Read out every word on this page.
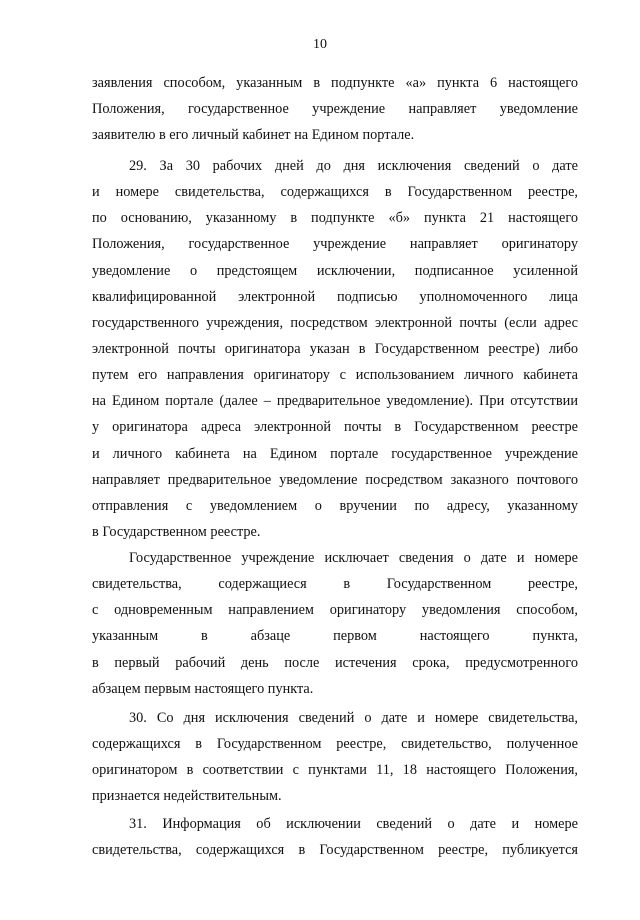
10

заявления способом, указанным в подпункте «а» пункта 6 настоящего
Положения, государственное учреждение направляет уведомление
заявителю в его личный кабинет на Едином портале.

29. За 30 рабочих дней до дня исключения сведений о дате
и номере свидетельства, содержащихся в Государственном реестре,
по основанию, указанному в подпункте «б» пункта 21 настоящего
Положения, государственное учреждение направляет оригинатору
уведомление о предстоящем исключении, подписанное усиленной
квалифицированной электронной подписью уполномоченного лица
государственного учреждения, посредством электронной почты (если адрес
электронной почты оригинатора указан в Государственном реестре) либо
путем его направления оригинатору с использованием личного кабинета
на Едином портале (далее – предварительное уведомление). При отсутствии
у оригинатора адреса электронной почты в Государственном реестре
и личного кабинета на Едином портале государственное учреждение
направляет предварительное уведомление посредством заказного почтового
отправления с уведомлением о вручении по адресу, указанному
в Государственном реестре.

Государственное учреждение исключает сведения о дате и номере
свидетельства, содержащиеся в Государственном реестре,
с одновременным направлением оригинатору уведомления способом,
указанным в абзаце первом настоящего пункта,
в первый рабочий день после истечения срока, предусмотренного
абзацем первым настоящего пункта.

30. Со дня исключения сведений о дате и номере свидетельства,
содержащихся в Государственном реестре, свидетельство, полученное
оригинатором в соответствии с пунктами 11, 18 настоящего Положения,
признается недействительным.

31. Информация об исключении сведений о дате и номере
свидетельства, содержащихся в Государственном реестре, публикуется
